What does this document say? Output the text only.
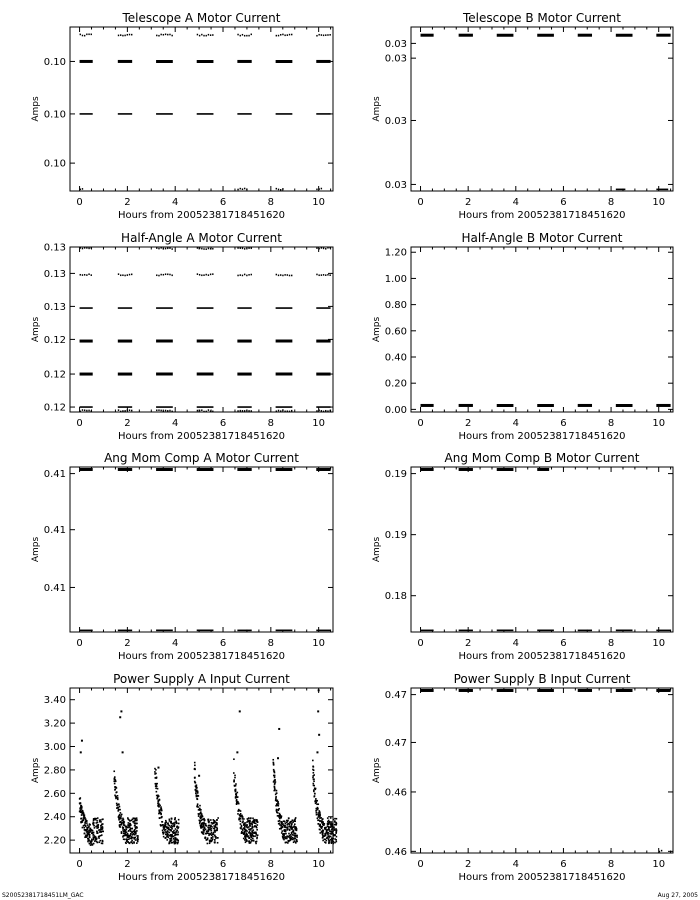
Telescope A Motor Current
Hours from 20052381718451620
Amps
0	2	4	6	8	10
0.10
0.10
0.10
Telescope B Motor Current
Hours from 20052381718451620
Amps
0	2	4	6	8	10
0.03
0.03
0.03
0.03
Half-Angle A Motor Current
Hours from 20052381718451620
Amps
0	2	4	6	8	10
0.12
0.12
0.12
0.13
0.13
0.13
Half-Angle B Motor Current
Hours from 20052381718451620
Amps
0	2	4	6	8	10
0.00
0.20
0.40
0.60
0.80
1.00
1.20
Ang Mom Comp A Motor Current
Hours from 20052381718451620
Amps
0	2	4	6	8	10
0.41
0.41
0.41
Ang Mom Comp B Motor Current
Hours from 20052381718451620
Amps
0	2	4	6	8	10
0.18
0.19
0.19
Power Supply A Input Current
Hours from 20052381718451620
Amps
0	2	4	6	8	10
2.20
2.40
2.60
2.80
3.00
3.20
3.40
Power Supply B Input Current
Hours from 20052381718451620
Amps
0	2	4	6	8	10
0.46
0.46
0.47
0.47
S20052381718451LM_GAC	Aug 27, 2005
